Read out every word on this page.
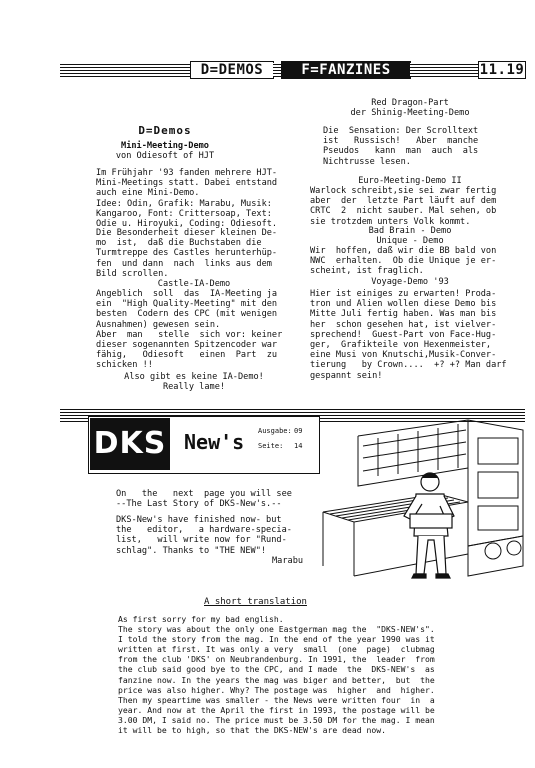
D=DEMOS	F=FANZINES	11.19
D=Demos
Mini-Meeting-Demo
von Odiesoft of HJT
Im Frühjahr '93 fanden mehrere HJT-
Mini-Meetings statt. Dabei entstand
auch eine Mini-Demo.
Idee: Odin, Grafik: Marabu, Musik:
Kangaroo, Font: Crittersoap, Text:
Odie u. Hiroyuki, Coding: Odiesoft.
Die Besonderheit dieser kleinen De-
mo  ist,  daß die Buchstaben die
Turmtreppe des Castles herunterhüp-
fen  und dann  nach  links aus dem
Bild scrollen.
Castle-IA-Demo
Angeblich  soll  das  IA-Meeting ja
ein  "High Quality-Meeting" mit den
besten  Codern des CPC (mit wenigen
Ausnahmen) gewesen sein.
Aber  man   stelle  sich vor: keiner
dieser sogenannten Spitzencoder war
fähig,   Odiesoft   einen  Part  zu
schicken !!
Also gibt es keine IA-Demo!
Really lame!
Red Dragon-Part
der Shinig-Meeting-Demo
Die  Sensation: Der Scrolltext
ist   Russisch!   Aber  manche
Pseudos   kann  man  auch  als
Nichtrusse lesen.
Euro-Meeting-Demo II
Warlock schreibt,sie sei zwar fertig
aber  der  letzte Part läuft auf dem
CRTC  2  nicht sauber. Mal sehen, ob
sie trotzdem unters Volk kommt.
Bad Brain - Demo
Unique - Demo
Wir  hoffen, daß wir die BB bald von
NWC  erhalten.  Ob die Unique je er-
scheint, ist fraglich.
Voyage-Demo '93
Hier ist einiges zu erwarten! Proda-
tron und Alien wollen diese Demo bis
Mitte Juli fertig haben. Was man bis
her  schon gesehen hat, ist vielver-
sprechend!  Guest-Part von Face-Hug-
ger,  Grafikteile von Hexenmeister,
eine Musi von Knutschi,Musik-Conver-
tierung   by Crown....  +? +? Man darf
gespannt sein!
DKS New's Ausgabe: 09
Seite: 14
On   the   next  page you will see
--The Last Story of DKS-New's.--
DKS-New's have finished now- but
the   editor,   a hardware-specia-
list,   will write now for "Rund-
schlag". Thanks to "THE NEW"!
Marabu
A short translation
As first sorry for my bad english.
The story was about the only one Eastgerman mag the  "DKS-NEW's".
I told the story from the mag. In the end of the year 1990 was it
written at first. It was only a very  small  (one  page)  clubmag
from the club 'DKS' on Neubrandenburg. In 1991, the  leader  from
the club said good bye to the CPC, and I made  the  DKS-NEW's  as
fanzine now. In the years the mag was biger and better,  but  the
price was also higher. Why? The postage was  higher  and  higher.
Then my speartime was smaller - the News were written four  in  a
year. And now at the April the first in 1993, the postage will be
3.00 DM, I said no. The price must be 3.50 DM for the mag. I mean
it will be to high, so that the DKS-NEW's are dead now.
